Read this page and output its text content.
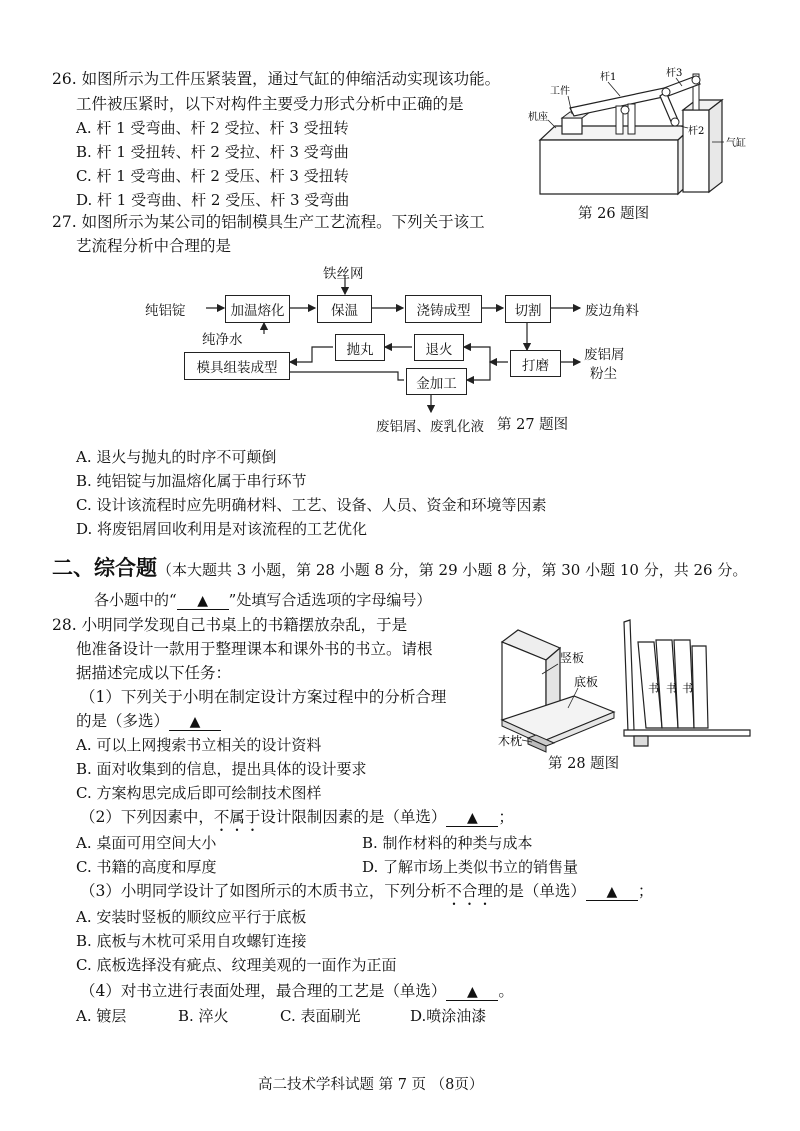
26. 如图所示为工件压紧装置，通过气缸的伸缩活动实现该功能。
工件被压紧时，以下对构件主要受力形式分析中正确的是
A. 杆 1 受弯曲、杆 2 受拉、杆 3 受扭转
B. 杆 1 受扭转、杆 2 受拉、杆 3 受弯曲
C. 杆 1 受弯曲、杆 2 受压、杆 3 受扭转
D. 杆 1 受弯曲、杆 2 受压、杆 3 受弯曲
杆1	杆3
杆2
工件
机座
气缸
第 26 题图
27. 如图所示为某公司的铝制模具生产工艺流程。下列关于该工
艺流程分析中合理的是
纯铝锭
纯净水
铁丝网
加温熔化	保温	浇铸成型	切割	废边角料
抛丸	退火
打磨
废铝屑
粉尘
模具组装成型
金加工
废铝屑、废乳化液 第 27 题图
A. 退火与抛丸的时序不可颠倒
B. 纯铝锭与加温熔化属于串行环节
C. 设计该流程时应先明确材料、工艺、设备、人员、资金和环境等因素
D. 将废铝屑回收利用是对该流程的工艺优化
二、综合题（本大题共 3 小题，第 28 小题 8 分，第 29 小题 8 分，第 30 小题 10 分，共 26 分。
各小题中的“ ▲ ”处填写合适选项的字母编号）
28. 小明同学发现自己书桌上的书籍摆放杂乱，于是
他准备设计一款用于整理课本和课外书的书立。请根
据描述完成以下任务：
竖板
底板
木枕
书 书 书
第 28 题图
（1）下列关于小明在制定设计方案过程中的分析合理
的是（多选） ▲
A. 可以上网搜索书立相关的设计资料
B. 面对收集到的信息，提出具体的设计要求
C. 方案构思完成后即可绘制技术图样
（2）下列因素中，不属于设计限制因素的是（单选） ▲ ；
A. 桌面可用空间大小	B. 制作材料的种类与成本
C. 书籍的高度和厚度	D. 了解市场上类似书立的销售量
（3）小明同学设计了如图所示的木质书立，下列分析不合理的是（单选） ▲ ；
A. 安装时竖板的顺纹应平行于底板
B. 底板与木枕可采用自攻螺钉连接
C. 底板选择没有疵点、纹理美观的一面作为正面
（4）对书立进行表面处理，最合理的工艺是（单选） ▲ 。
A. 镀层	B. 淬火	C. 表面刷光	D.喷涂油漆
高二技术学科试题 第 7 页 （8页）
